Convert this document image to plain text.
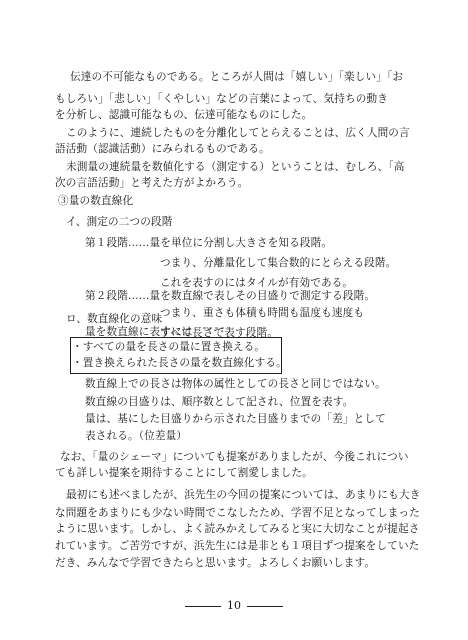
伝達の不可能なものである。ところが人間は「嬉しい」「楽しい」「お
もしろい」「悲しい」「くやしい」などの言葉によって、気持ちの動き
を分析し、認識可能なもの、伝達可能なものにした。
このように、連続したものを分離化してとらえることは、広く人間の言
語活動（認識活動）にみられるものである。
未測量の連続量を数値化する（測定する）ということは、むしろ、「高
次の言語活動」と考えた方がよかろう。
③量の数直線化
イ、測定の二つの段階
第１段階……量を単位に分割し大きさを知る段階。
つまり、分離量化して集合数的にとらえる段階。
これを表すのにはタイルが有効である。
第２段階……量を数直線で表しその目盛りで測定する段階。
つまり、重さも体積も時間も温度も速度も
すべて長さで表す段階。
ロ、数直線化の意味
量を数直線に表すには
・すべての量を長さの量に置き換える。
・置き換えられた長さの量を数直線化する。
数直線上での長さは物体の属性としての長さと同じではない。
数直線の目盛りは、順序数として記され、位置を表す。
量は、基にした目盛りから示された目盛りまでの「差」として
表される。（位差量）
なお、「量のシェーマ」についても提案がありましたが、今後これについ
ても詳しい提案を期待することにして割愛しました。
最初にも述べましたが、浜先生の今回の提案については、あまりにも大き
な問題をあまりにも少ない時間でこなしたため、学習不足となってしまった
ように思います。しかし、よく読みかえしてみると実に大切なことが提起さ
れています。ご苦労ですが、浜先生には是非とも１項目ずつ提案をしていた
だき、みんなで学習できたらと思います。よろしくお願いします。
10
